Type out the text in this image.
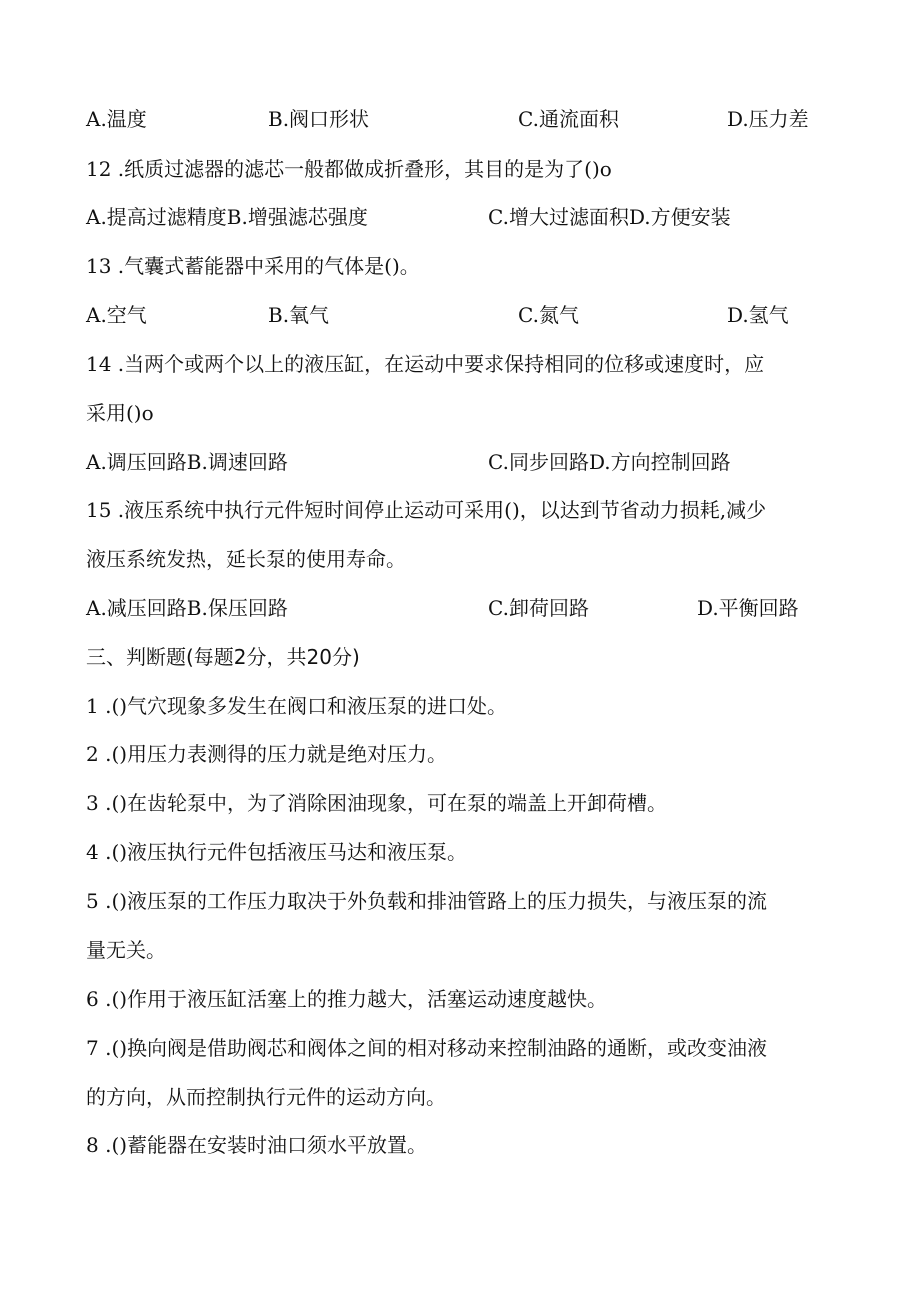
A.温度	B.阀口形状	C.通流面积	D.压力差
12 .纸质过滤器的滤芯一般都做成折叠形，其目的是为了()o
A.提高过滤精度B.增强滤芯强度	C.增大过滤面积D.方便安装
13 .气囊式蓄能器中采用的气体是()。
A.空气	B.氧气	C.氮气	D.氢气
14 .当两个或两个以上的液压缸，在运动中要求保持相同的位移或速度时，应
采用()o
A.调压回路B.调速回路	C.同步回路D.方向控制回路
15 .液压系统中执行元件短时间停止运动可采用()，以达到节省动力损耗,减少
液压系统发热，延长泵的使用寿命。
A.减压回路B.保压回路	C.卸荷回路	D.平衡回路
三、判断题(每题2分，共20分)
1 .()气穴现象多发生在阀口和液压泵的进口处。
2 .()用压力表测得的压力就是绝对压力。
3 .()在齿轮泵中，为了消除困油现象，可在泵的端盖上开卸荷槽。
4 .()液压执行元件包括液压马达和液压泵。
5 .()液压泵的工作压力取决于外负载和排油管路上的压力损失，与液压泵的流
量无关。
6 .()作用于液压缸活塞上的推力越大，活塞运动速度越快。
7 .()换向阀是借助阀芯和阀体之间的相对移动来控制油路的通断，或改变油液
的方向，从而控制执行元件的运动方向。
8 .()蓄能器在安装时油口须水平放置。
